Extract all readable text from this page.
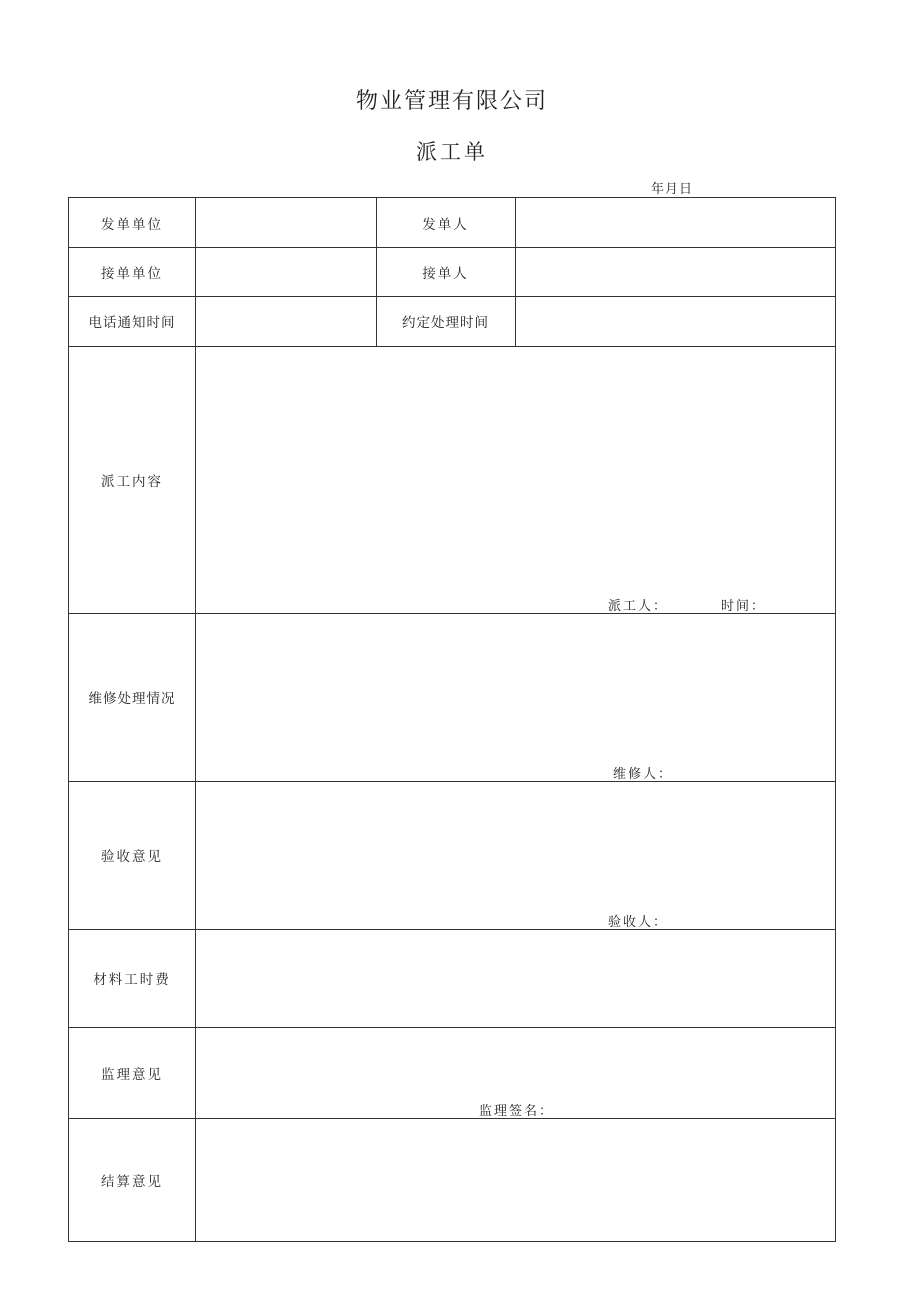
物业管理有限公司
派工单
年月日
发单单位	发单人
接单单位	接单人
电话通知时间	约定处理时间
派工内容
派工人：	时间：
维修处理情况
维修人：
验收意见
验收人：
材料工时费
监理意见
监理签名：
结算意见
